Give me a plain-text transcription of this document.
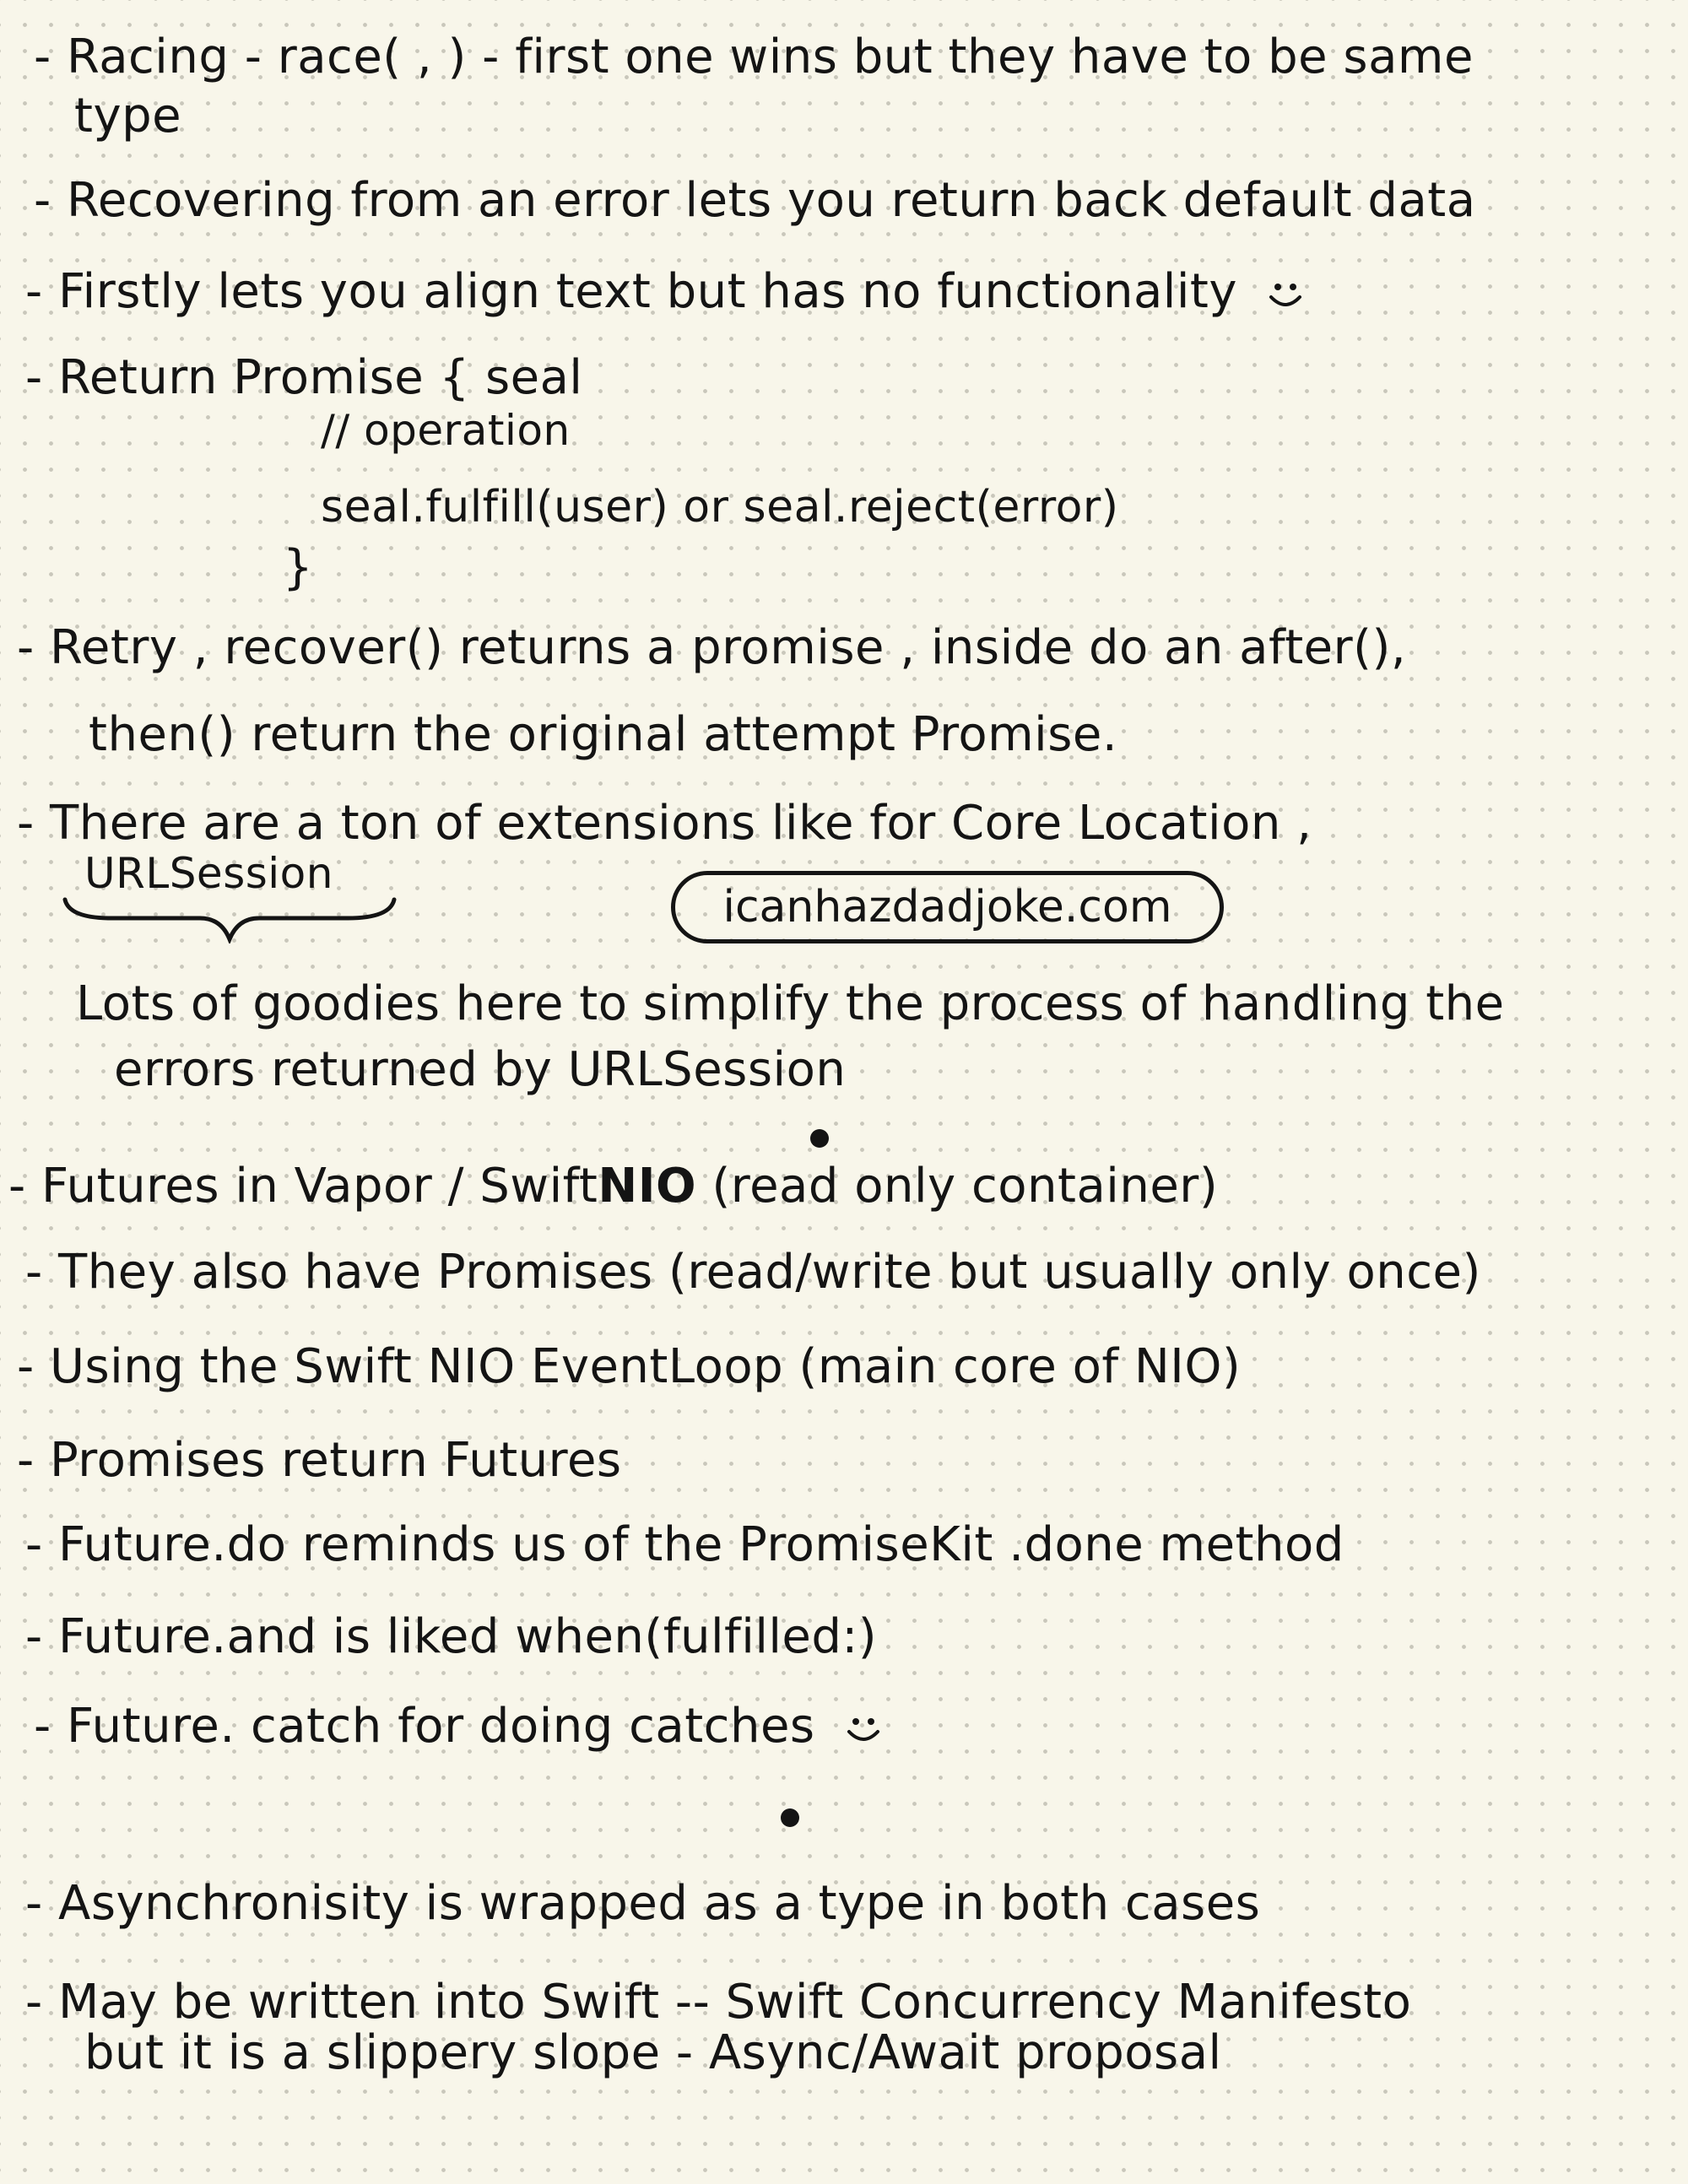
- Racing - race( , ) - first one wins but they have to be same
type
- Recovering from an error lets you return back default data
- Firstly lets you align text but has no functionality
- Return Promise { seal
// operation
seal.fulfill(user) or seal.reject(error)
}
- Retry , recover() returns a promise , inside do an after(),
then() return the original attempt Promise.
- There are a ton of extensions like for Core Location ,
URLSession
icanhazdadjoke.com
Lots of goodies here to simplify the process of handling the
errors returned by URLSession
- Futures in Vapor / SwiftNIO (read only container)
- They also have Promises (read/write but usually only once)
- Using the Swift NIO EventLoop (main core of NIO)
- Promises return Futures
- Future.do reminds us of the PromiseKit .done method
- Future.and is liked when(fulfilled:)
- Future. catch for doing catches
- Asynchronisity is wrapped as a type in both cases
- May be written into Swift -- Swift Concurrency Manifesto
but it is a slippery slope - Async/Await proposal
